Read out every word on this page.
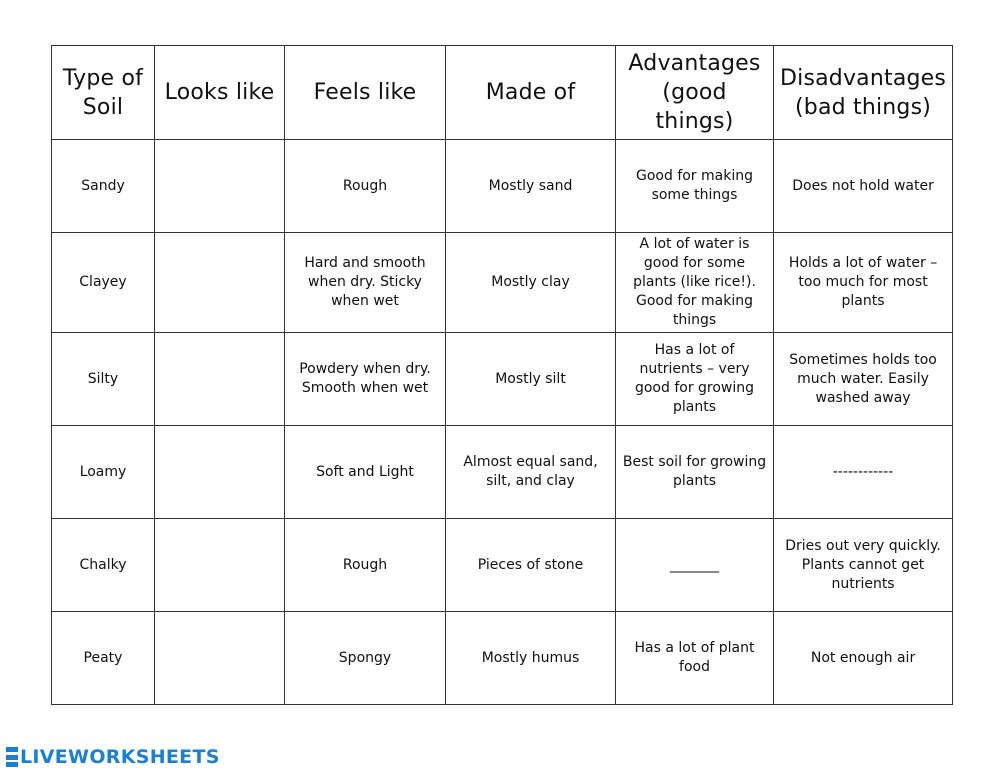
Type of Soil	Looks like	Feels like	Made of	Advantages (good things)	Disadvantages (bad things)
Sandy		Rough	Mostly sand	Good for making some things	Does not hold water
Clayey		Hard and smooth when dry. Sticky when wet	Mostly clay	A lot of water is good for some plants (like rice!). Good for making things	Holds a lot of water – too much for most plants
Silty		Powdery when dry. Smooth when wet	Mostly silt	Has a lot of nutrients – very good for growing plants	Sometimes holds too much water. Easily washed away
Loamy		Soft and Light	Almost equal sand, silt, and clay	Best soil for growing plants	------------
Chalky		Rough	Pieces of stone	_______	Dries out very quickly. Plants cannot get nutrients
Peaty		Spongy	Mostly humus	Has a lot of plant food	Not enough air
LIVEWORKSHEETS
